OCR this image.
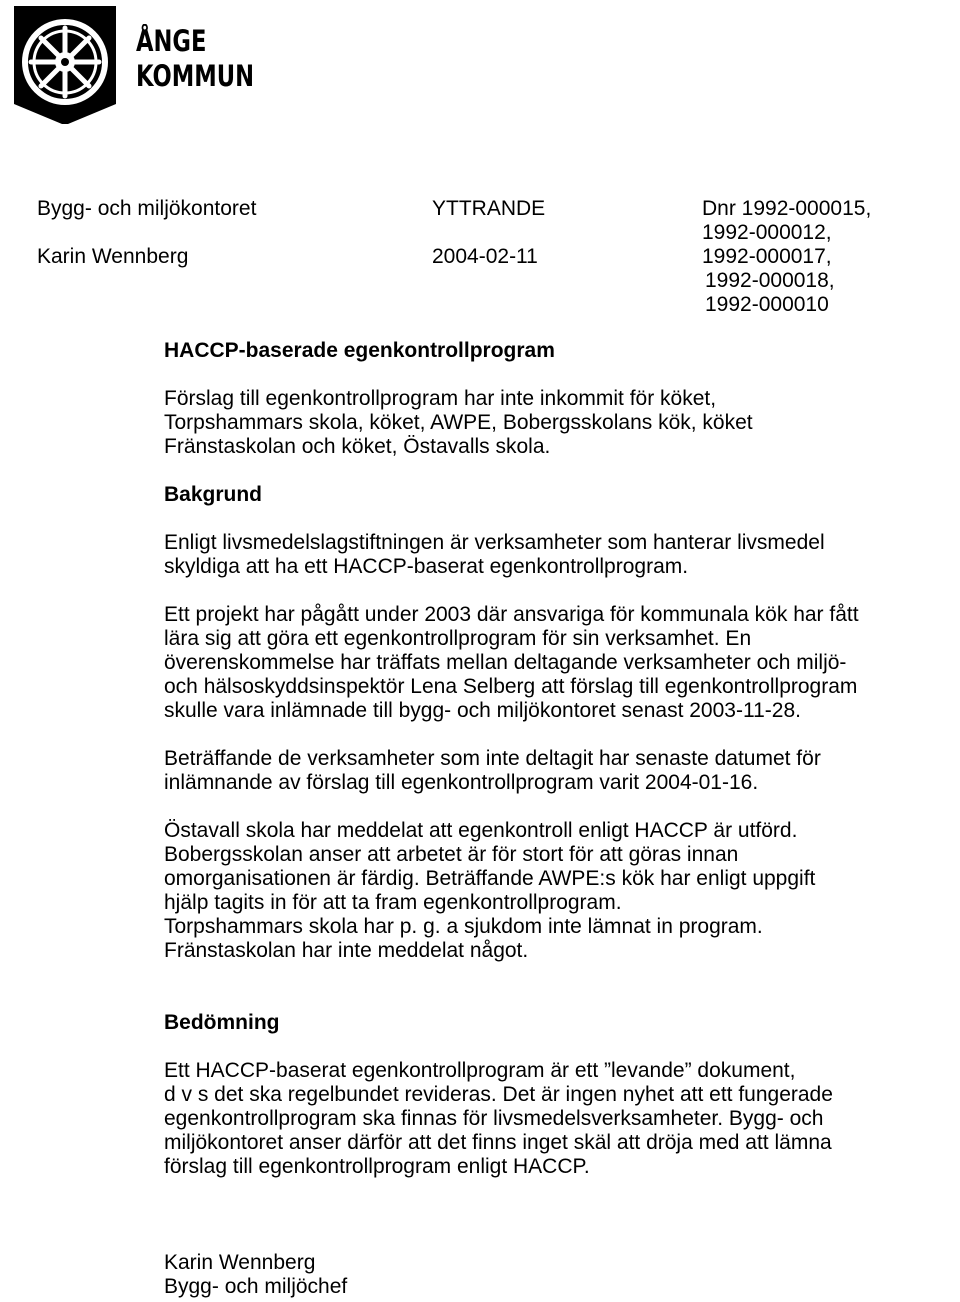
ÅNGE
KOMMUN
Bygg- och miljökontoret
Karin Wennberg
YTTRANDE
2004-02-11
Dnr 1992-000015,
1992-000012,
1992-000017,
1992-000018,
1992-000010

HACCP-baserade egenkontrollprogram

Förslag till egenkontrollprogram har inte inkommit för köket,

Torpshammars skola, köket, AWPE, Bobergsskolans kök, köket

Fränstaskolan och köket, Östavalls skola.

Bakgrund

Enligt livsmedelslagstiftningen är verksamheter som hanterar livsmedel

skyldiga att ha ett HACCP-baserat egenkontrollprogram.

Ett projekt har pågått under 2003 där ansvariga för kommunala kök har fått

lära sig att göra ett egenkontrollprogram för sin verksamhet. En

överenskommelse har träffats mellan deltagande verksamheter och miljö-

och hälsoskyddsinspektör Lena Selberg att förslag till egenkontrollprogram

skulle vara inlämnade till bygg- och miljökontoret senast 2003-11-28.

Beträffande de verksamheter som inte deltagit har senaste datumet för

inlämnande av förslag till egenkontrollprogram varit 2004-01-16.

Östavall skola har meddelat att egenkontroll enligt HACCP är utförd.

Bobergsskolan anser att arbetet är för stort för att göras innan

omorganisationen är färdig. Beträffande AWPE:s kök har enligt uppgift

hjälp tagits in för att ta fram egenkontrollprogram.

Torpshammars skola har p. g. a sjukdom inte lämnat in program.

Fränstaskolan har inte meddelat något.

Bedömning

Ett HACCP-baserat egenkontrollprogram är ett ”levande” dokument,

d v s det ska regelbundet revideras. Det är ingen nyhet att ett fungerade

egenkontrollprogram ska finnas för livsmedelsverksamheter. Bygg- och

miljökontoret anser därför att det finns inget skäl att dröja med att lämna

förslag till egenkontrollprogram enligt HACCP.

Karin Wennberg

Bygg- och miljöchef
